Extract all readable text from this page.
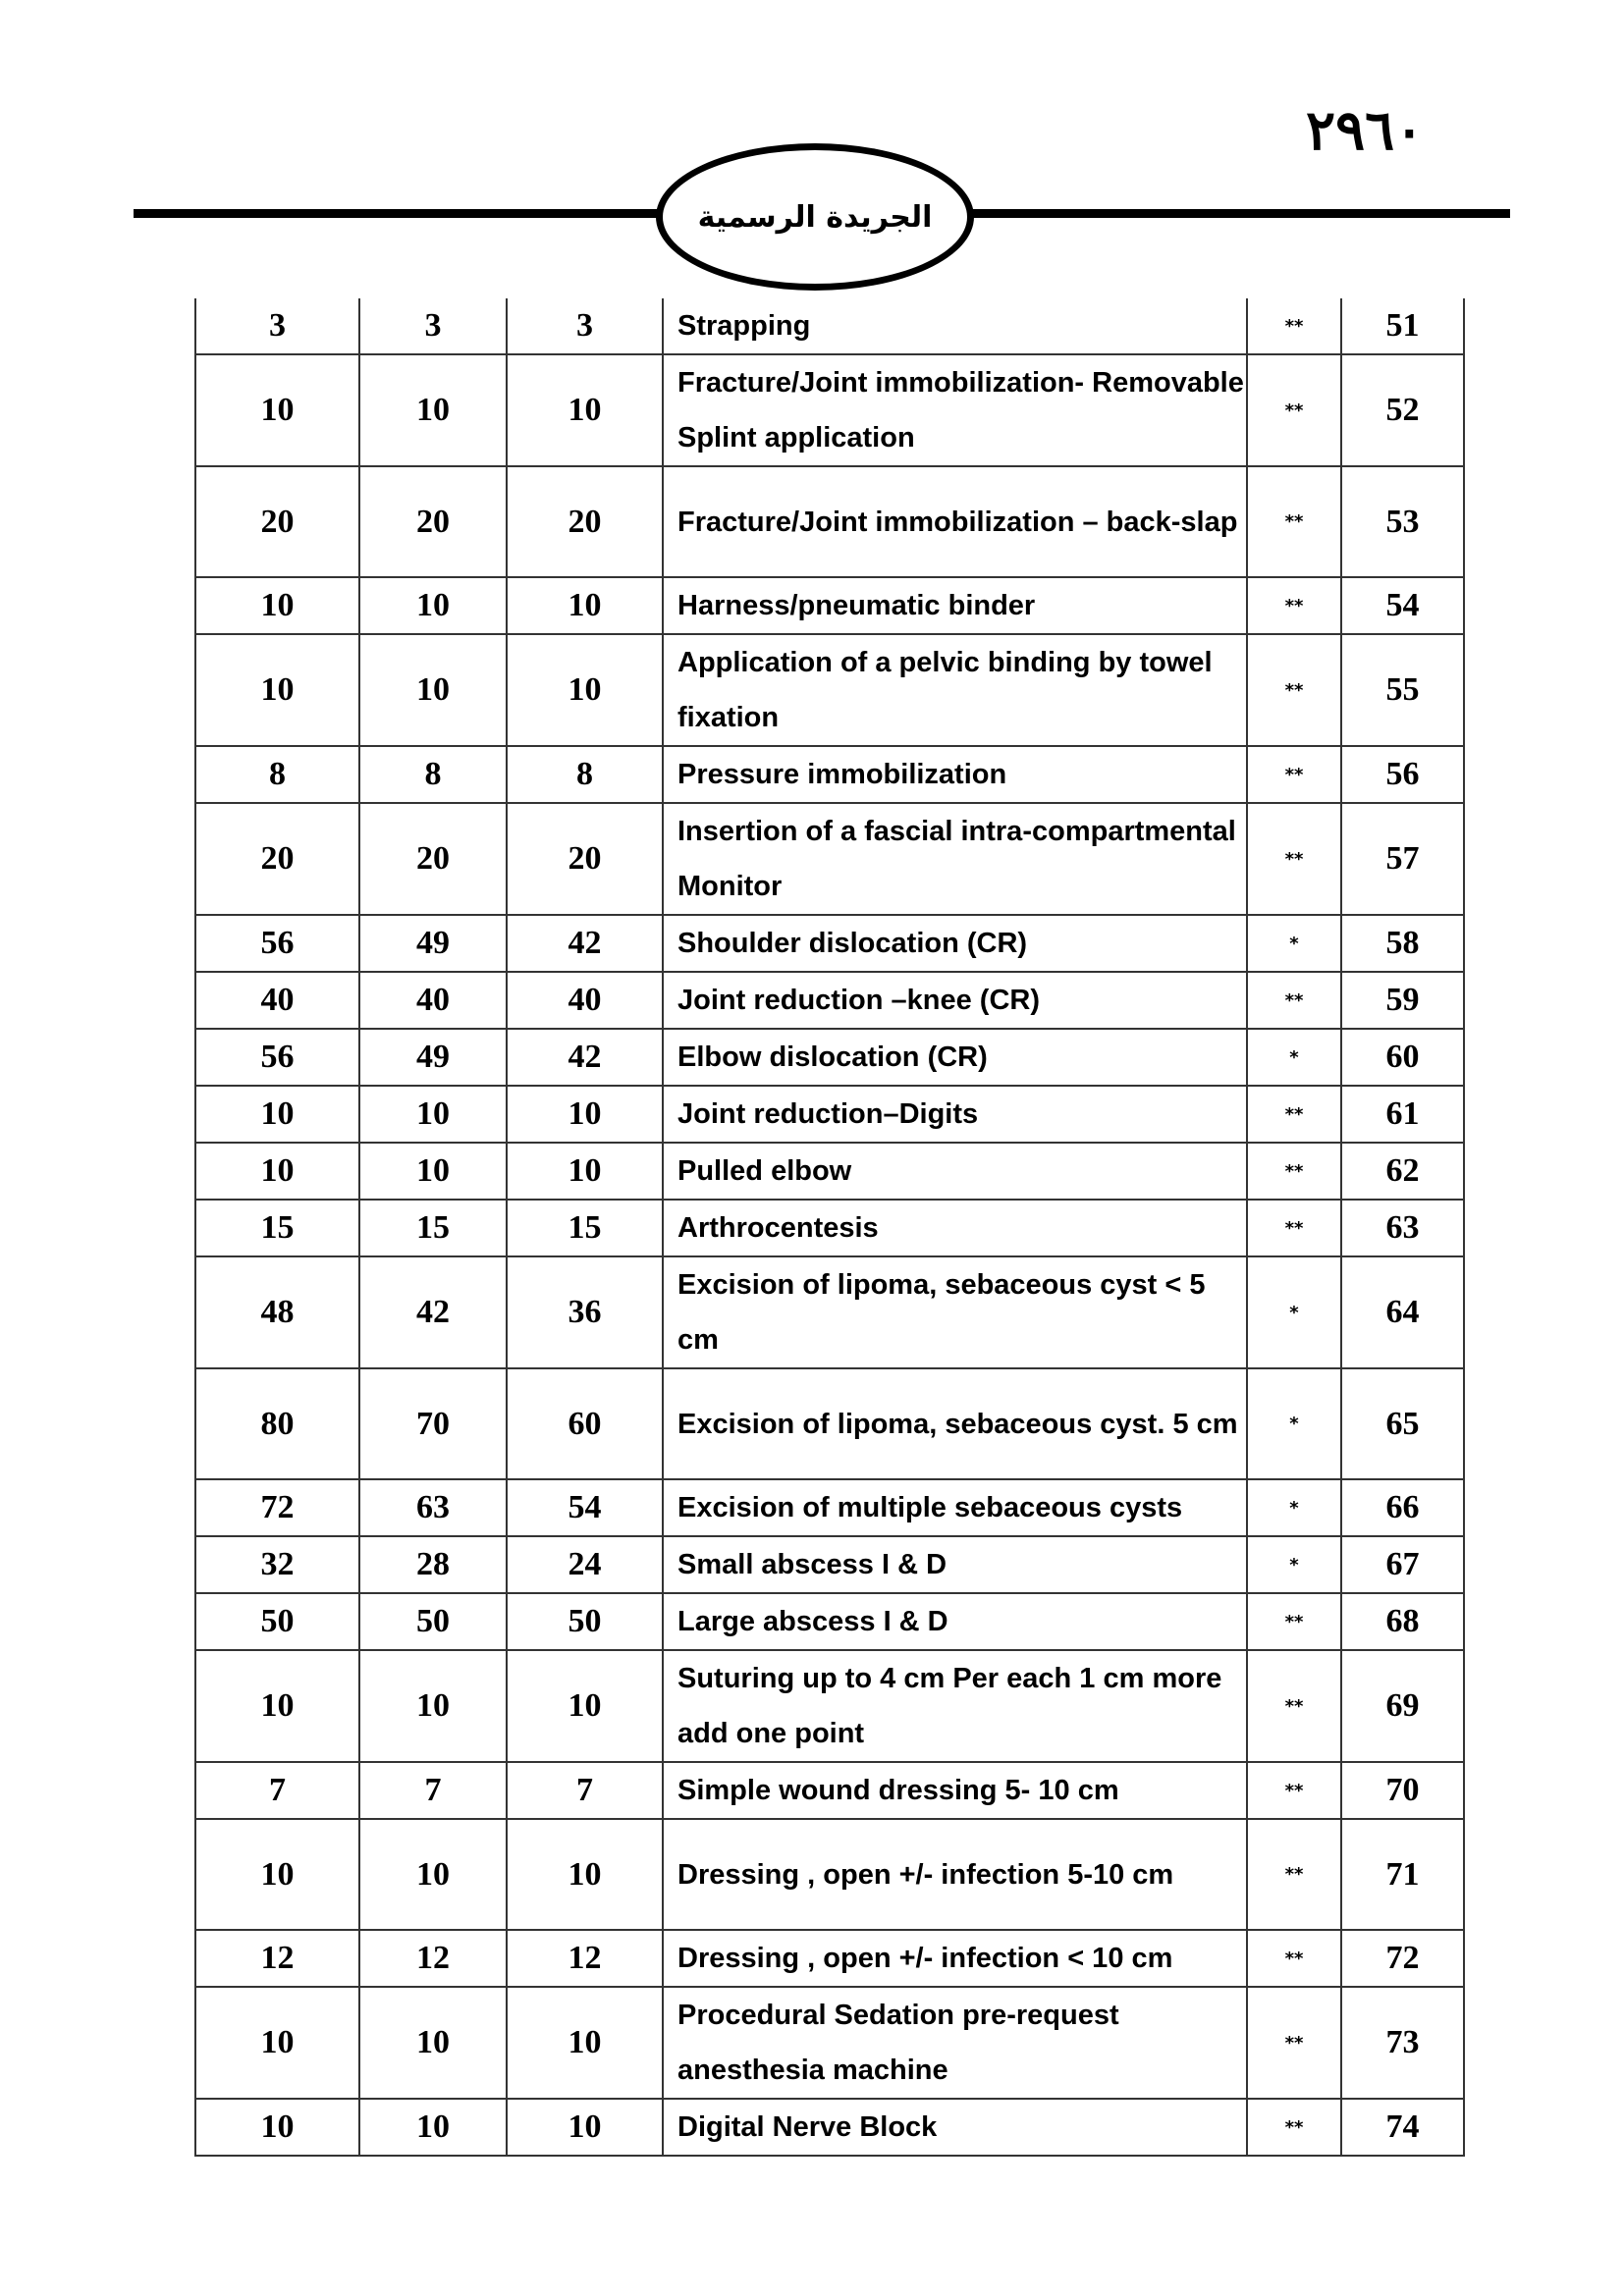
٢٩٦٠
الجريدة الرسمية
3	3	3	Strapping	**	51
10	10	10	Fracture/Joint immobilization- Removable Splint application	**	52
20	20	20	Fracture/Joint immobilization – back-slap	**	53
10	10	10	Harness/pneumatic binder	**	54
10	10	10	Application of a pelvic binding by towel fixation	**	55
8	8	8	Pressure immobilization	**	56
20	20	20	Insertion of a fascial intra-compartmental Monitor	**	57
56	49	42	Shoulder dislocation (CR)	*	58
40	40	40	Joint reduction –knee (CR)	**	59
56	49	42	Elbow dislocation (CR)	*	60
10	10	10	Joint reduction–Digits	**	61
10	10	10	Pulled elbow	**	62
15	15	15	Arthrocentesis	**	63
48	42	36	Excision of lipoma, sebaceous cyst < 5 cm	*	64
80	70	60	Excision of lipoma, sebaceous cyst. 5 cm	*	65
72	63	54	Excision of multiple sebaceous cysts	*	66
32	28	24	Small abscess I & D	*	67
50	50	50	Large abscess I & D	**	68
10	10	10	Suturing up to 4 cm Per each 1 cm more add one point	**	69
7	7	7	Simple wound dressing 5- 10 cm	**	70
10	10	10	Dressing , open +/- infection 5-10 cm	**	71
12	12	12	Dressing , open +/- infection < 10 cm	**	72
10	10	10	Procedural Sedation pre-request anesthesia machine	**	73
10	10	10	Digital Nerve Block	**	74
